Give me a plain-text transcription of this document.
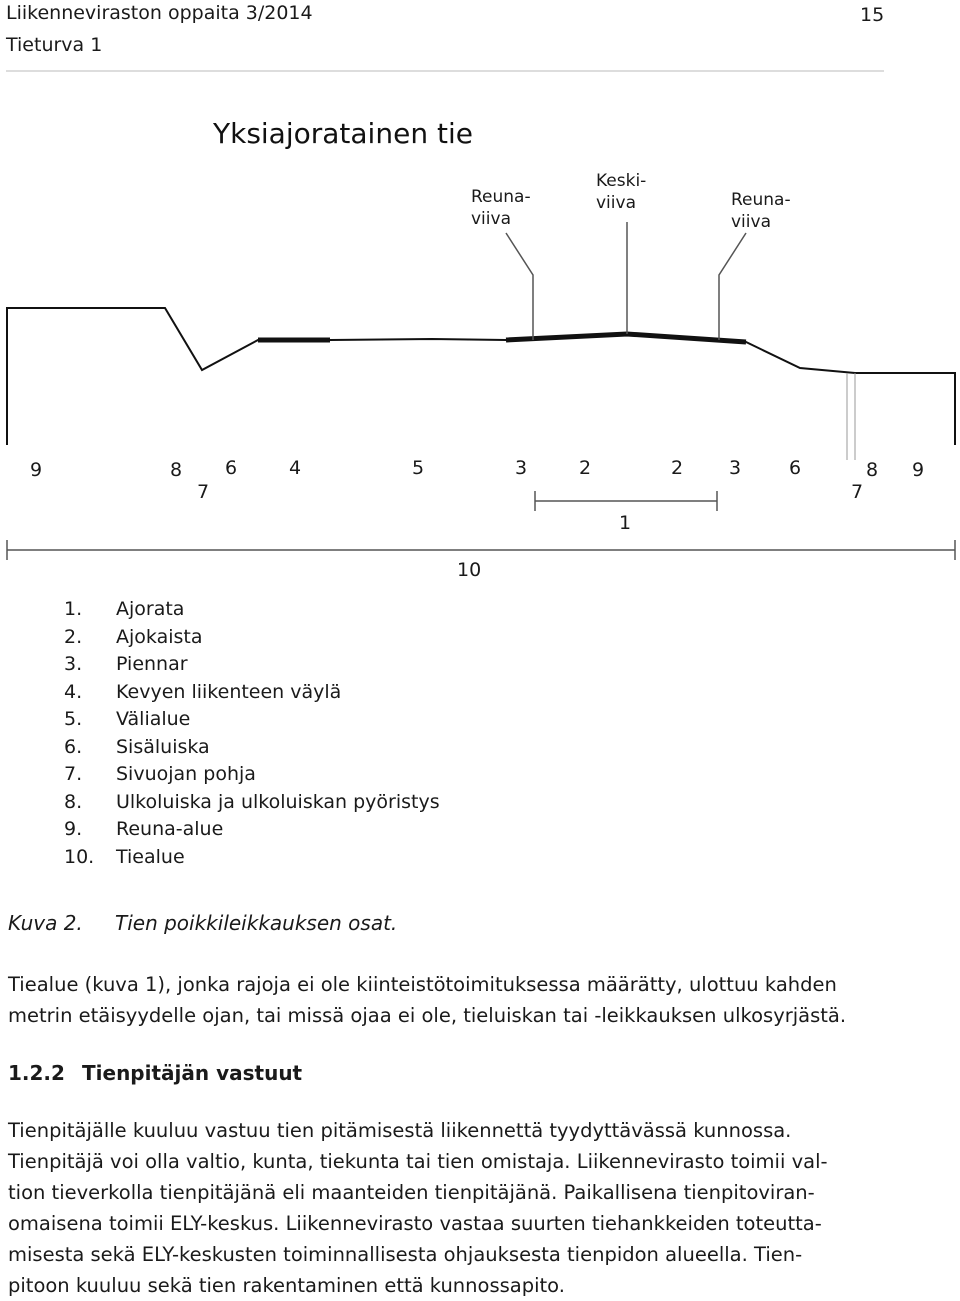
Liikenneviraston oppaita 3/2014
Tieturva 1
15
Yksiajoratainen tie
Reuna-
viiva
Keski-
viiva	Reuna-
viiva
9	8
7
6	4	5	3	2	2 3	6	8
7
9
1
10
1.	Ajorata
2.	Ajokaista
3.	Piennar
4.	Kevyen liikenteen väylä
5.	Välialue
6.	Sisäluiska
7.	Sivuojan pohja
8.	Ulkoluiska ja ulkoluiskan pyöristys
9.	Reuna-alue
10.	Tiealue
Kuva 2. Tien poikkileikkauksen osat.
Tiealue (kuva 1), jonka rajoja ei ole kiinteistötoimituksessa määrätty, ulottuu kahden
metrin etäisyydelle ojan, tai missä ojaa ei ole, tieluiskan tai -leikkauksen ulkosyrjästä.
1.2.2 Tienpitäjän vastuut
Tienpitäjälle kuuluu vastuu tien pitämisestä liikennettä tyydyttävässä kunnossa.
Tienpitäjä voi olla valtio, kunta, tiekunta tai tien omistaja. Liikennevirasto toimii val-
tion tieverkolla tienpitäjänä eli maanteiden tienpitäjänä. Paikallisena tienpitoviran-
omaisena toimii ELY-keskus. Liikennevirasto vastaa suurten tiehankkeiden toteutta-
misesta sekä ELY-keskusten toiminnallisesta ohjauksesta tienpidon alueella. Tien-
pitoon kuuluu sekä tien rakentaminen että kunnossapito.
